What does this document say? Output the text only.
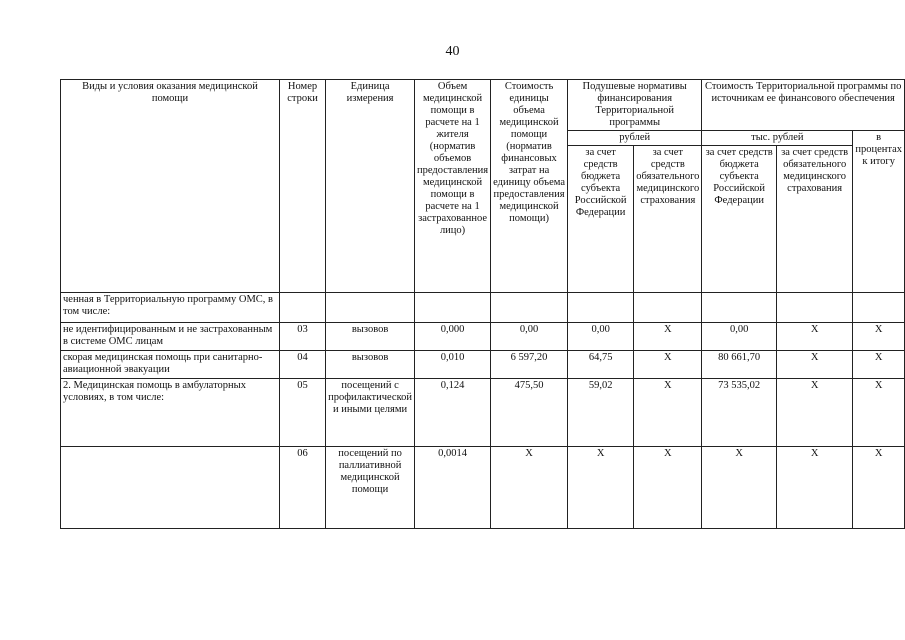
40
Виды и условия оказания медицинской помощи	Номер строки	Единица измерения	Объем медицинской помощи в расчете на 1 жителя (норматив объемов предоставления медицинской помощи в расчете на 1 застрахованное лицо)	Стоимость единицы объема медицинской помощи (норматив финансовых затрат на единицу объема предоставления медицинской помощи)	Подушевые нормативы финансирования Территориальной программы		Стоимость Территориальной программы по источникам ее финансового обеспечения		
					рублей		тыс. рублей		в процентах к итогу
					за счет средств бюджета субъекта Российской Федерации	за счет средств обязательного медицинского страхования	за счет средств бюджета субъекта Российской Федерации	за счет средств обязательного медицинского страхования	
ченная в Территориальную программу ОМС, в том числе:									
не идентифицированным и не застрахованным в системе ОМС лицам	03	вызовов	0,000	0,00	0,00	Х	0,00	Х	Х
скорая медицинская помощь при санитарно-авиационной эвакуации	04	вызовов	0,010	6 597,20	64,75	Х	80 661,70	Х	Х
2. Медицинская помощь в амбулаторных условиях, в том числе:	05	посещений с профилактической и иными целями	0,124	475,50	59,02	Х	73 535,02	Х	Х
	06	посещений по паллиативной медицинской помощи	0,0014	Х	Х	Х	Х	Х	Х
